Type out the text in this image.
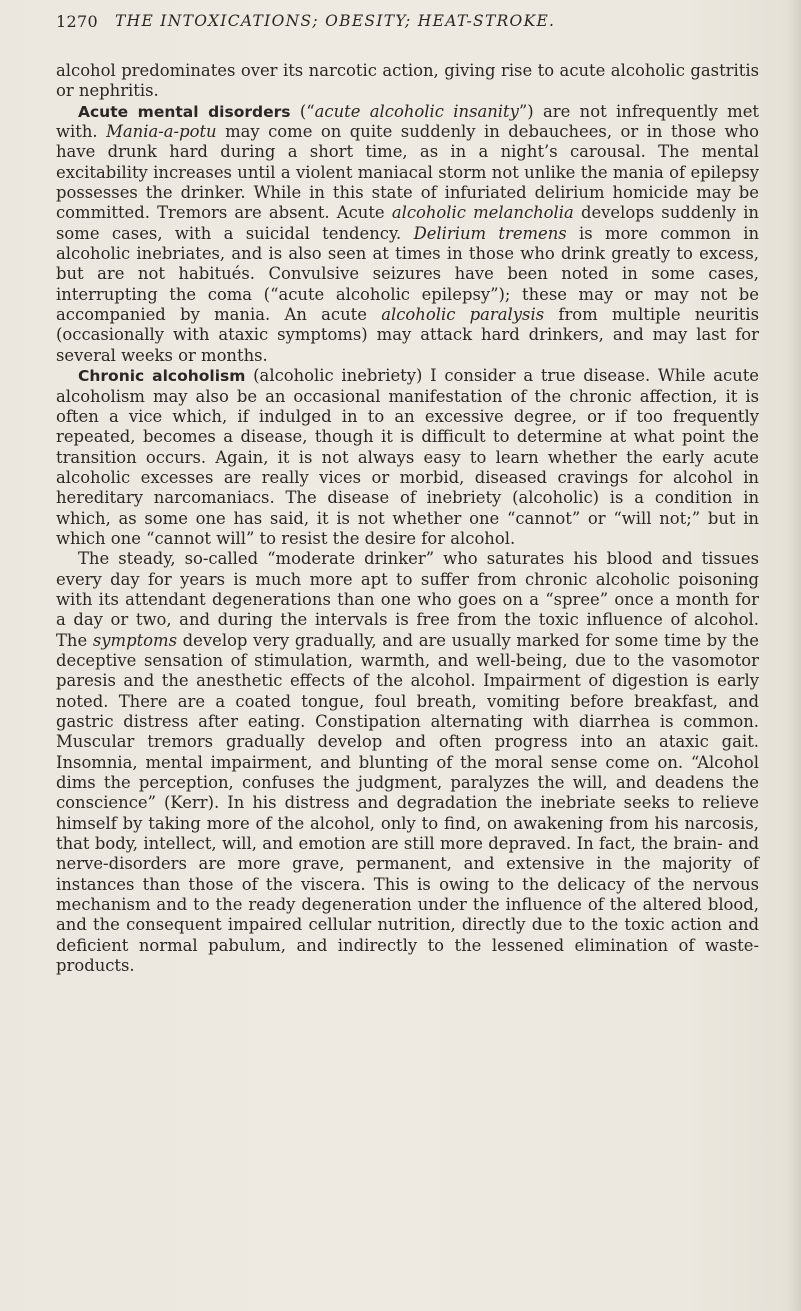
1270 THE INTOXICATIONS; OBESITY; HEAT-STROKE.

alcohol predominates over its narcotic action, giving rise to acute alcoholic gastritis or nephritis.

Acute mental disorders (“acute alcoholic insanity”) are not infrequently met with. Mania-a-potu may come on quite suddenly in debauchees, or in those who have drunk hard during a short time, as in a night’s carousal. The mental excitability increases until a violent maniacal storm not unlike the mania of epilepsy possesses the drinker. While in this state of infuriated delirium homicide may be committed. Tremors are absent. Acute alcoholic melancholia develops suddenly in some cases, with a suicidal tendency. Delirium tremens is more common in alcoholic inebriates, and is also seen at times in those who drink greatly to excess, but are not habitués. Convulsive seizures have been noted in some cases, interrupting the coma (“acute alcoholic epilepsy”); these may or may not be accompanied by mania. An acute alcoholic paralysis from multiple neuritis (occasionally with ataxic symptoms) may attack hard drinkers, and may last for several weeks or months.

Chronic alcoholism (alcoholic inebriety) I consider a true disease. While acute alcoholism may also be an occasional manifestation of the chronic affection, it is often a vice which, if indulged in to an excessive degree, or if too frequently repeated, becomes a disease, though it is difficult to determine at what point the transition occurs. Again, it is not always easy to learn whether the early acute alcoholic excesses are really vices or morbid, diseased cravings for alcohol in hereditary narcomaniacs. The disease of inebriety (alcoholic) is a condition in which, as some one has said, it is not whether one “cannot” or “will not;” but in which one “cannot will” to resist the desire for alcohol.

The steady, so-called “moderate drinker” who saturates his blood and tissues every day for years is much more apt to suffer from chronic alcoholic poisoning with its attendant degenerations than one who goes on a “spree” once a month for a day or two, and during the intervals is free from the toxic influence of alcohol. The symptoms develop very gradually, and are usually marked for some time by the deceptive sensation of stimulation, warmth, and well-being, due to the vasomotor paresis and the anesthetic effects of the alcohol. Impairment of digestion is early noted. There are a coated tongue, foul breath, vomiting before breakfast, and gastric distress after eating. Constipation alternating with diarrhea is common. Muscular tremors gradually develop and often progress into an ataxic gait. Insomnia, mental impairment, and blunting of the moral sense come on. “Alcohol dims the perception, confuses the judgment, paralyzes the will, and deadens the conscience” (Kerr). In his distress and degradation the inebriate seeks to relieve himself by taking more of the alcohol, only to find, on awakening from his narcosis, that body, intellect, will, and emotion are still more depraved. In fact, the brain- and nerve-disorders are more grave, permanent, and extensive in the majority of instances than those of the viscera. This is owing to the delicacy of the nervous mechanism and to the ready degeneration under the influence of the altered blood, and the consequent impaired cellular nutrition, directly due to the toxic action and deficient normal pabulum, and indirectly to the lessened elimination of waste-products.
